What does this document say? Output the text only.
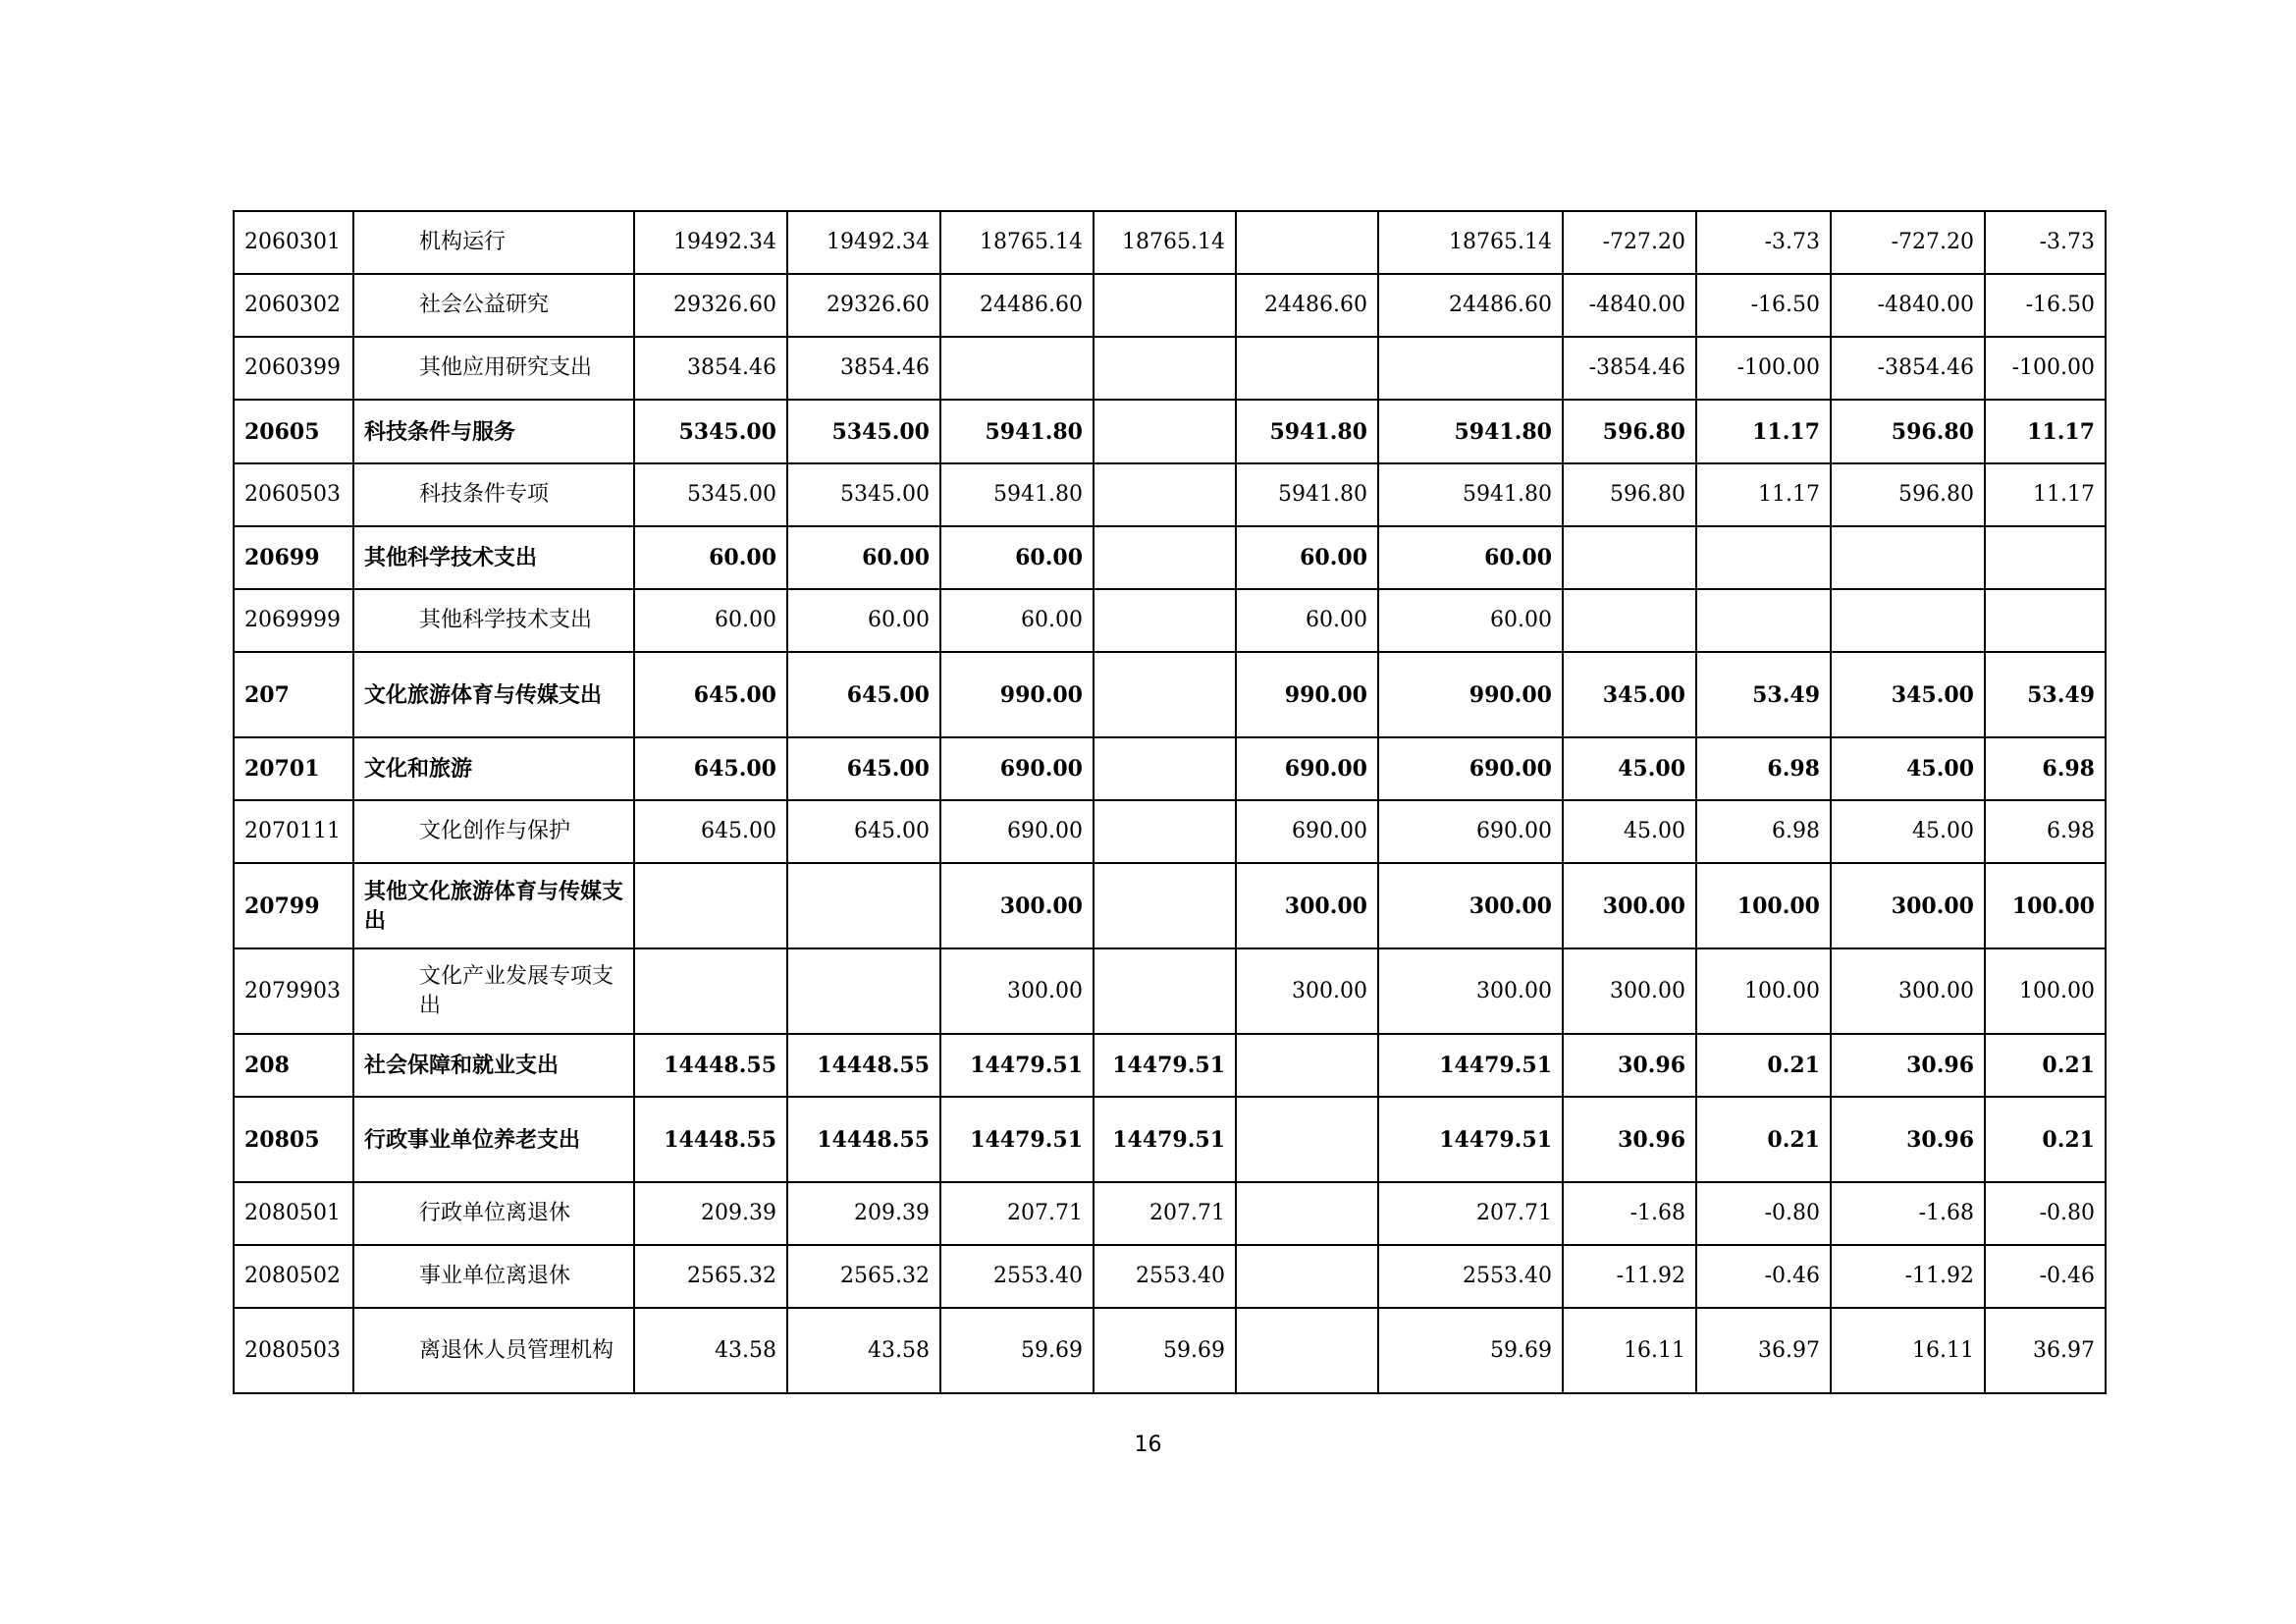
2060301	机构运行	19492.34	19492.34	18765.14	18765.14		18765.14	-727.20	-3.73	-727.20	-3.73
2060302	社会公益研究	29326.60	29326.60	24486.60		24486.60	24486.60	-4840.00	-16.50	-4840.00	-16.50
2060399	其他应用研究支出	3854.46	3854.46					-3854.46	-100.00	-3854.46	-100.00
20605	科技条件与服务	5345.00	5345.00	5941.80		5941.80	5941.80	596.80	11.17	596.80	11.17
2060503	科技条件专项	5345.00	5345.00	5941.80		5941.80	5941.80	596.80	11.17	596.80	11.17
20699	其他科学技术支出	60.00	60.00	60.00		60.00	60.00				
2069999	其他科学技术支出	60.00	60.00	60.00		60.00	60.00				
207	文化旅游体育与传媒支出	645.00	645.00	990.00		990.00	990.00	345.00	53.49	345.00	53.49
20701	文化和旅游	645.00	645.00	690.00		690.00	690.00	45.00	6.98	45.00	6.98
2070111	文化创作与保护	645.00	645.00	690.00		690.00	690.00	45.00	6.98	45.00	6.98
20799	其他文化旅游体育与传媒支出			300.00		300.00	300.00	300.00	100.00	300.00	100.00
2079903	文化产业发展专项支出			300.00		300.00	300.00	300.00	100.00	300.00	100.00
208	社会保障和就业支出	14448.55	14448.55	14479.51	14479.51		14479.51	30.96	0.21	30.96	0.21
20805	行政事业单位养老支出	14448.55	14448.55	14479.51	14479.51		14479.51	30.96	0.21	30.96	0.21
2080501	行政单位离退休	209.39	209.39	207.71	207.71		207.71	-1.68	-0.80	-1.68	-0.80
2080502	事业单位离退休	2565.32	2565.32	2553.40	2553.40		2553.40	-11.92	-0.46	-11.92	-0.46
2080503	离退休人员管理机构	43.58	43.58	59.69	59.69		59.69	16.11	36.97	16.11	36.97
16
